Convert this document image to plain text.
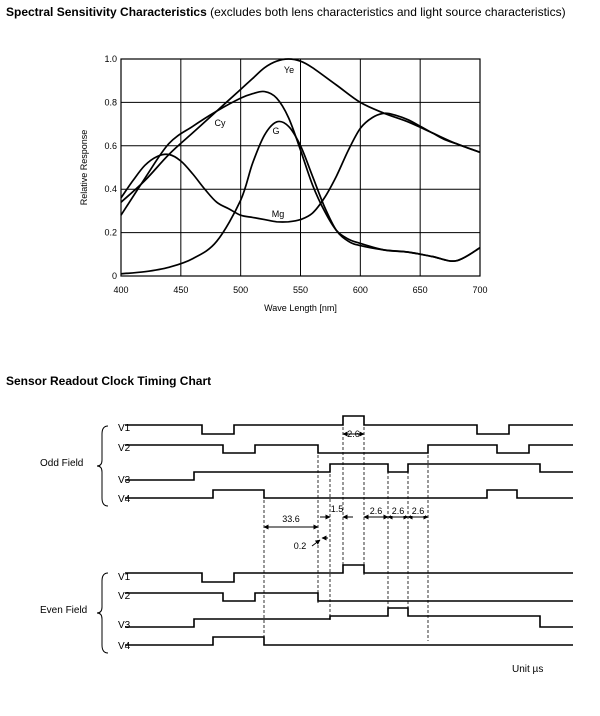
Spectral Sensitivity Characteristics (excludes both lens characteristics and light source characteristics)
Sensor Readout Clock Timing Chart
400	450	500	550	600	650	700
0
0.2
0.4
0.6
0.8
1.0
Wave Length [nm]
Relative Response
Ye
Cy
G
Mg
V1
V2
V3
V4
V1
V2
V3
V4
Odd Field
Even Field
2.6
33.6
1.5	2.6 2.6 2.6
0.2
Unit µs
